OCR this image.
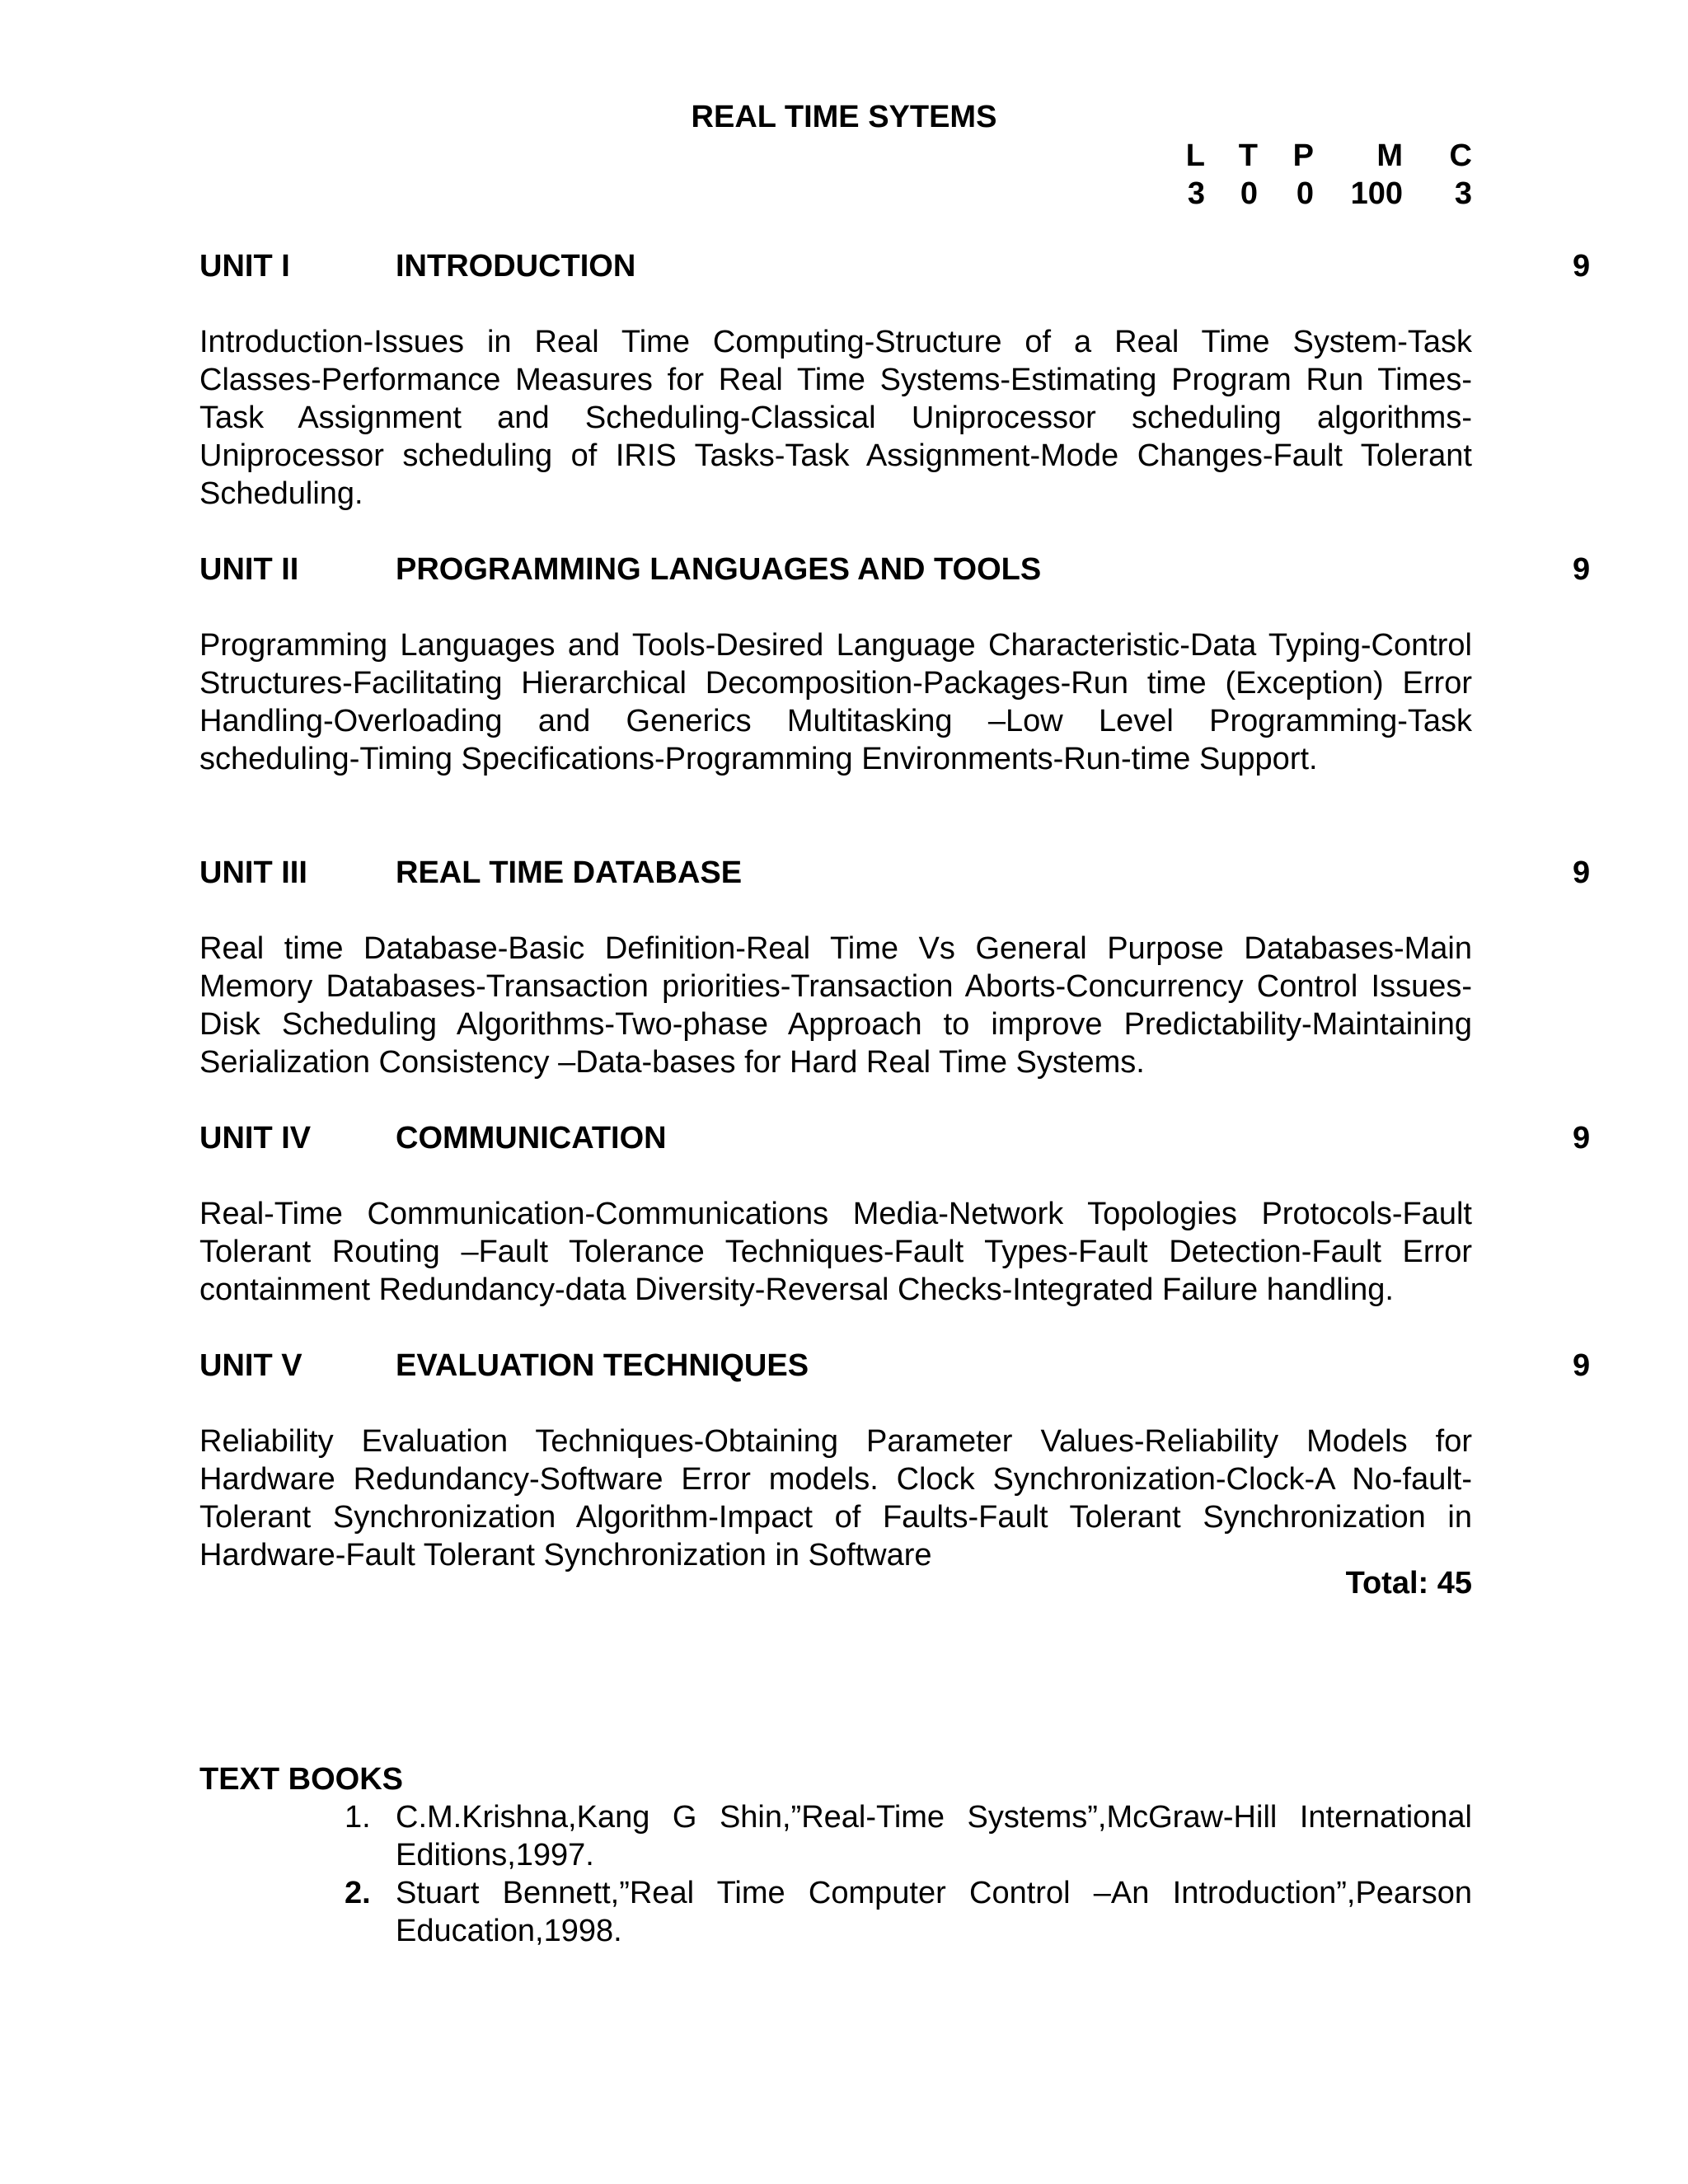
REAL TIME SYTEMS
L	T	P	M	C
3	0	0	100	3
UNIT I	INTRODUCTION	9
Introduction-Issues in Real Time Computing-Structure of a Real Time System-Task Classes-Performance Measures for Real Time Systems-Estimating Program Run Times-Task Assignment and Scheduling-Classical Uniprocessor scheduling algorithms-Uniprocessor scheduling of IRIS Tasks-Task Assignment-Mode Changes-Fault Tolerant Scheduling.
UNIT II	PROGRAMMING LANGUAGES AND TOOLS	9
Programming Languages and Tools-Desired Language Characteristic-Data Typing-Control Structures-Facilitating Hierarchical Decomposition-Packages-Run time (Exception) Error Handling-Overloading and Generics Multitasking –Low Level Programming-Task scheduling-Timing Specifications-Programming Environments-Run-time Support.
UNIT III	REAL TIME DATABASE	9
Real time Database-Basic Definition-Real Time Vs General Purpose Databases-Main Memory Databases-Transaction priorities-Transaction Aborts-Concurrency Control Issues-Disk Scheduling Algorithms-Two-phase Approach to improve Predictability-Maintaining Serialization Consistency –Data-bases for Hard Real Time Systems.
UNIT IV	COMMUNICATION	9
Real-Time Communication-Communications Media-Network Topologies Protocols-Fault Tolerant Routing –Fault Tolerance Techniques-Fault Types-Fault Detection-Fault Error containment Redundancy-data Diversity-Reversal Checks-Integrated Failure handling.
UNIT V	EVALUATION TECHNIQUES	9
Reliability Evaluation Techniques-Obtaining Parameter Values-Reliability Models for Hardware Redundancy-Software Error models. Clock Synchronization-Clock-A No-fault-Tolerant Synchronization Algorithm-Impact of Faults-Fault Tolerant Synchronization in Hardware-Fault Tolerant Synchronization in Software
Total: 45
TEXT BOOKS
1. C.M.Krishna,Kang G Shin,”Real-Time Systems”,McGraw-Hill International Editions,1997.
2. Stuart Bennett,”Real Time Computer Control –An Introduction”,Pearson Education,1998.
